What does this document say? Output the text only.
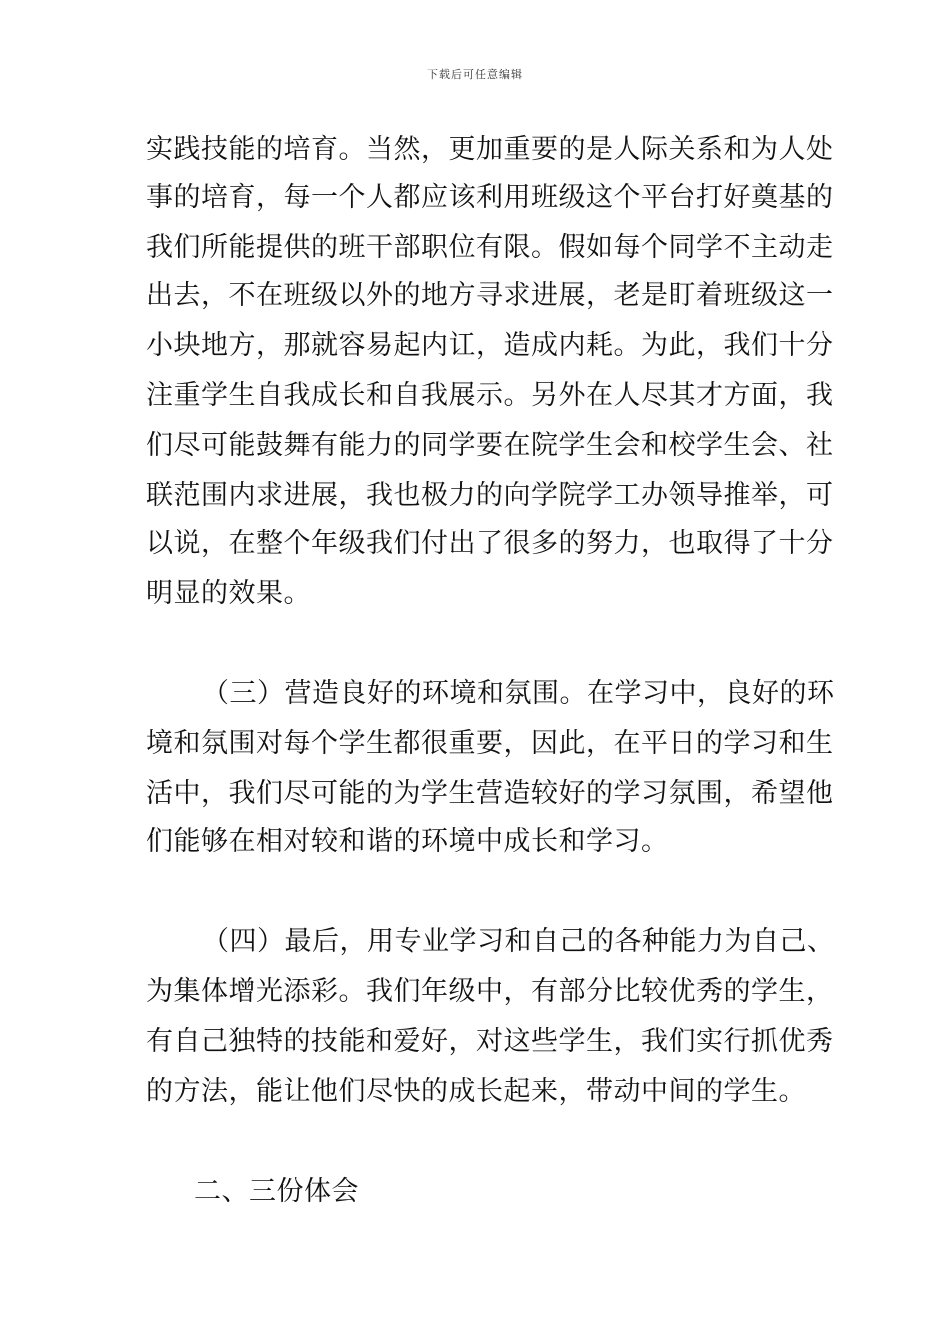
下载后可任意编辑

实践技能的培育。当然，更加重要的是人际关系和为人处

事的培育，每一个人都应该利用班级这个平台打好奠基的

我们所能提供的班干部职位有限。假如每个同学不主动走

出去，不在班级以外的地方寻求进展，老是盯着班级这一

小块地方，那就容易起内讧，造成内耗。为此，我们十分

注重学生自我成长和自我展示。另外在人尽其才方面，我

们尽可能鼓舞有能力的同学要在院学生会和校学生会、社

联范围内求进展，我也极力的向学院学工办领导推举，可

以说，在整个年级我们付出了很多的努力，也取得了十分

明显的效果。

（三）营造良好的环境和氛围。在学习中，良好的环

境和氛围对每个学生都很重要，因此，在平日的学习和生

活中，我们尽可能的为学生营造较好的学习氛围，希望他

们能够在相对较和谐的环境中成长和学习。

（四）最后，用专业学习和自己的各种能力为自己、

为集体增光添彩。我们年级中，有部分比较优秀的学生，

有自己独特的技能和爱好，对这些学生，我们实行抓优秀

的方法，能让他们尽快的成长起来，带动中间的学生。

二、三份体会
